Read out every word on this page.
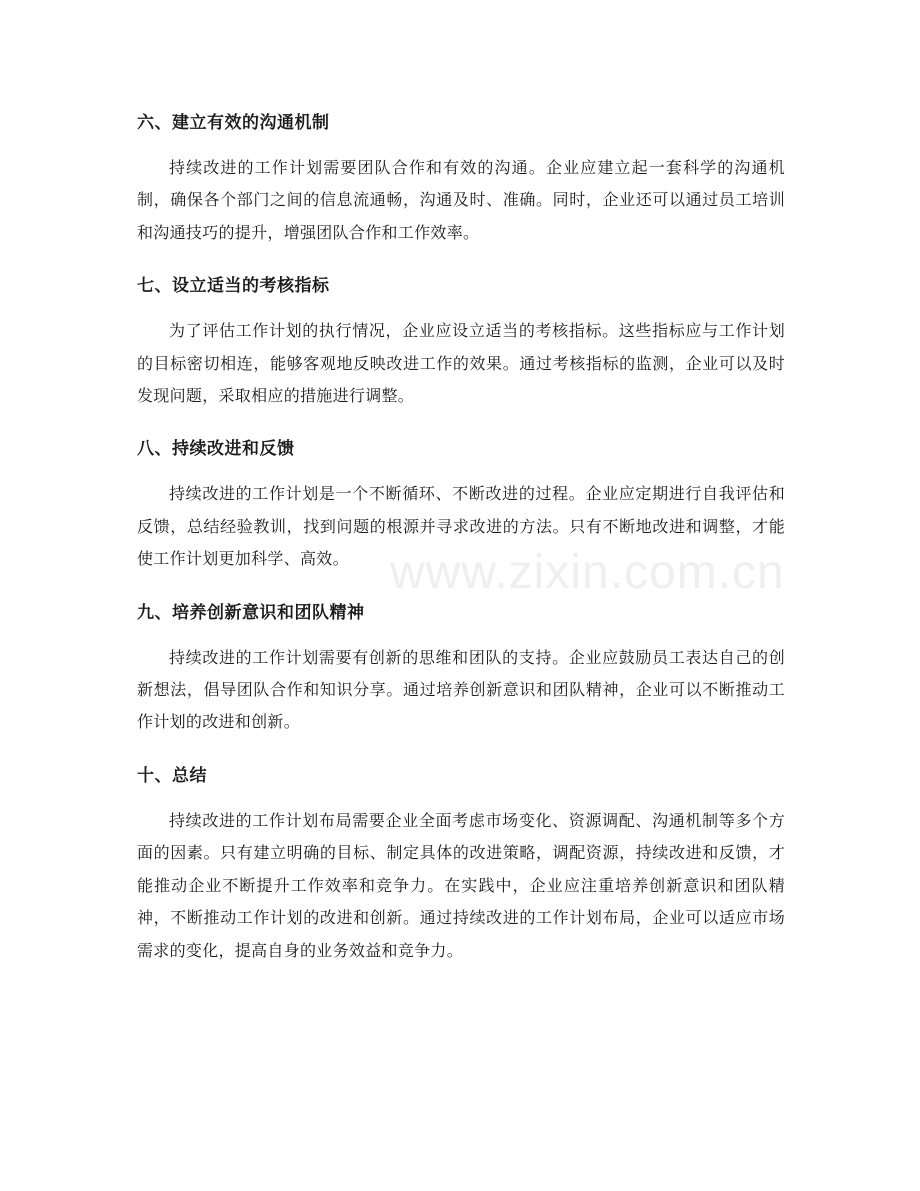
六、建立有效的沟通机制

持续改进的工作计划需要团队合作和有效的沟通。企业应建立起一套科学的沟通机制，确保各个部门之间的信息流通畅，沟通及时、准确。同时，企业还可以通过员工培训和沟通技巧的提升，增强团队合作和工作效率。

七、设立适当的考核指标

为了评估工作计划的执行情况，企业应设立适当的考核指标。这些指标应与工作计划的目标密切相连，能够客观地反映改进工作的效果。通过考核指标的监测，企业可以及时发现问题，采取相应的措施进行调整。

八、持续改进和反馈

持续改进的工作计划是一个不断循环、不断改进的过程。企业应定期进行自我评估和反馈，总结经验教训，找到问题的根源并寻求改进的方法。只有不断地改进和调整，才能使工作计划更加科学、高效。

九、培养创新意识和团队精神

持续改进的工作计划需要有创新的思维和团队的支持。企业应鼓励员工表达自己的创新想法，倡导团队合作和知识分享。通过培养创新意识和团队精神，企业可以不断推动工作计划的改进和创新。

十、总结

持续改进的工作计划布局需要企业全面考虑市场变化、资源调配、沟通机制等多个方面的因素。只有建立明确的目标、制定具体的改进策略，调配资源，持续改进和反馈，才能推动企业不断提升工作效率和竞争力。在实践中，企业应注重培养创新意识和团队精神，不断推动工作计划的改进和创新。通过持续改进的工作计划布局，企业可以适应市场需求的变化，提高自身的业务效益和竞争力。

www.zixin.com.cn
